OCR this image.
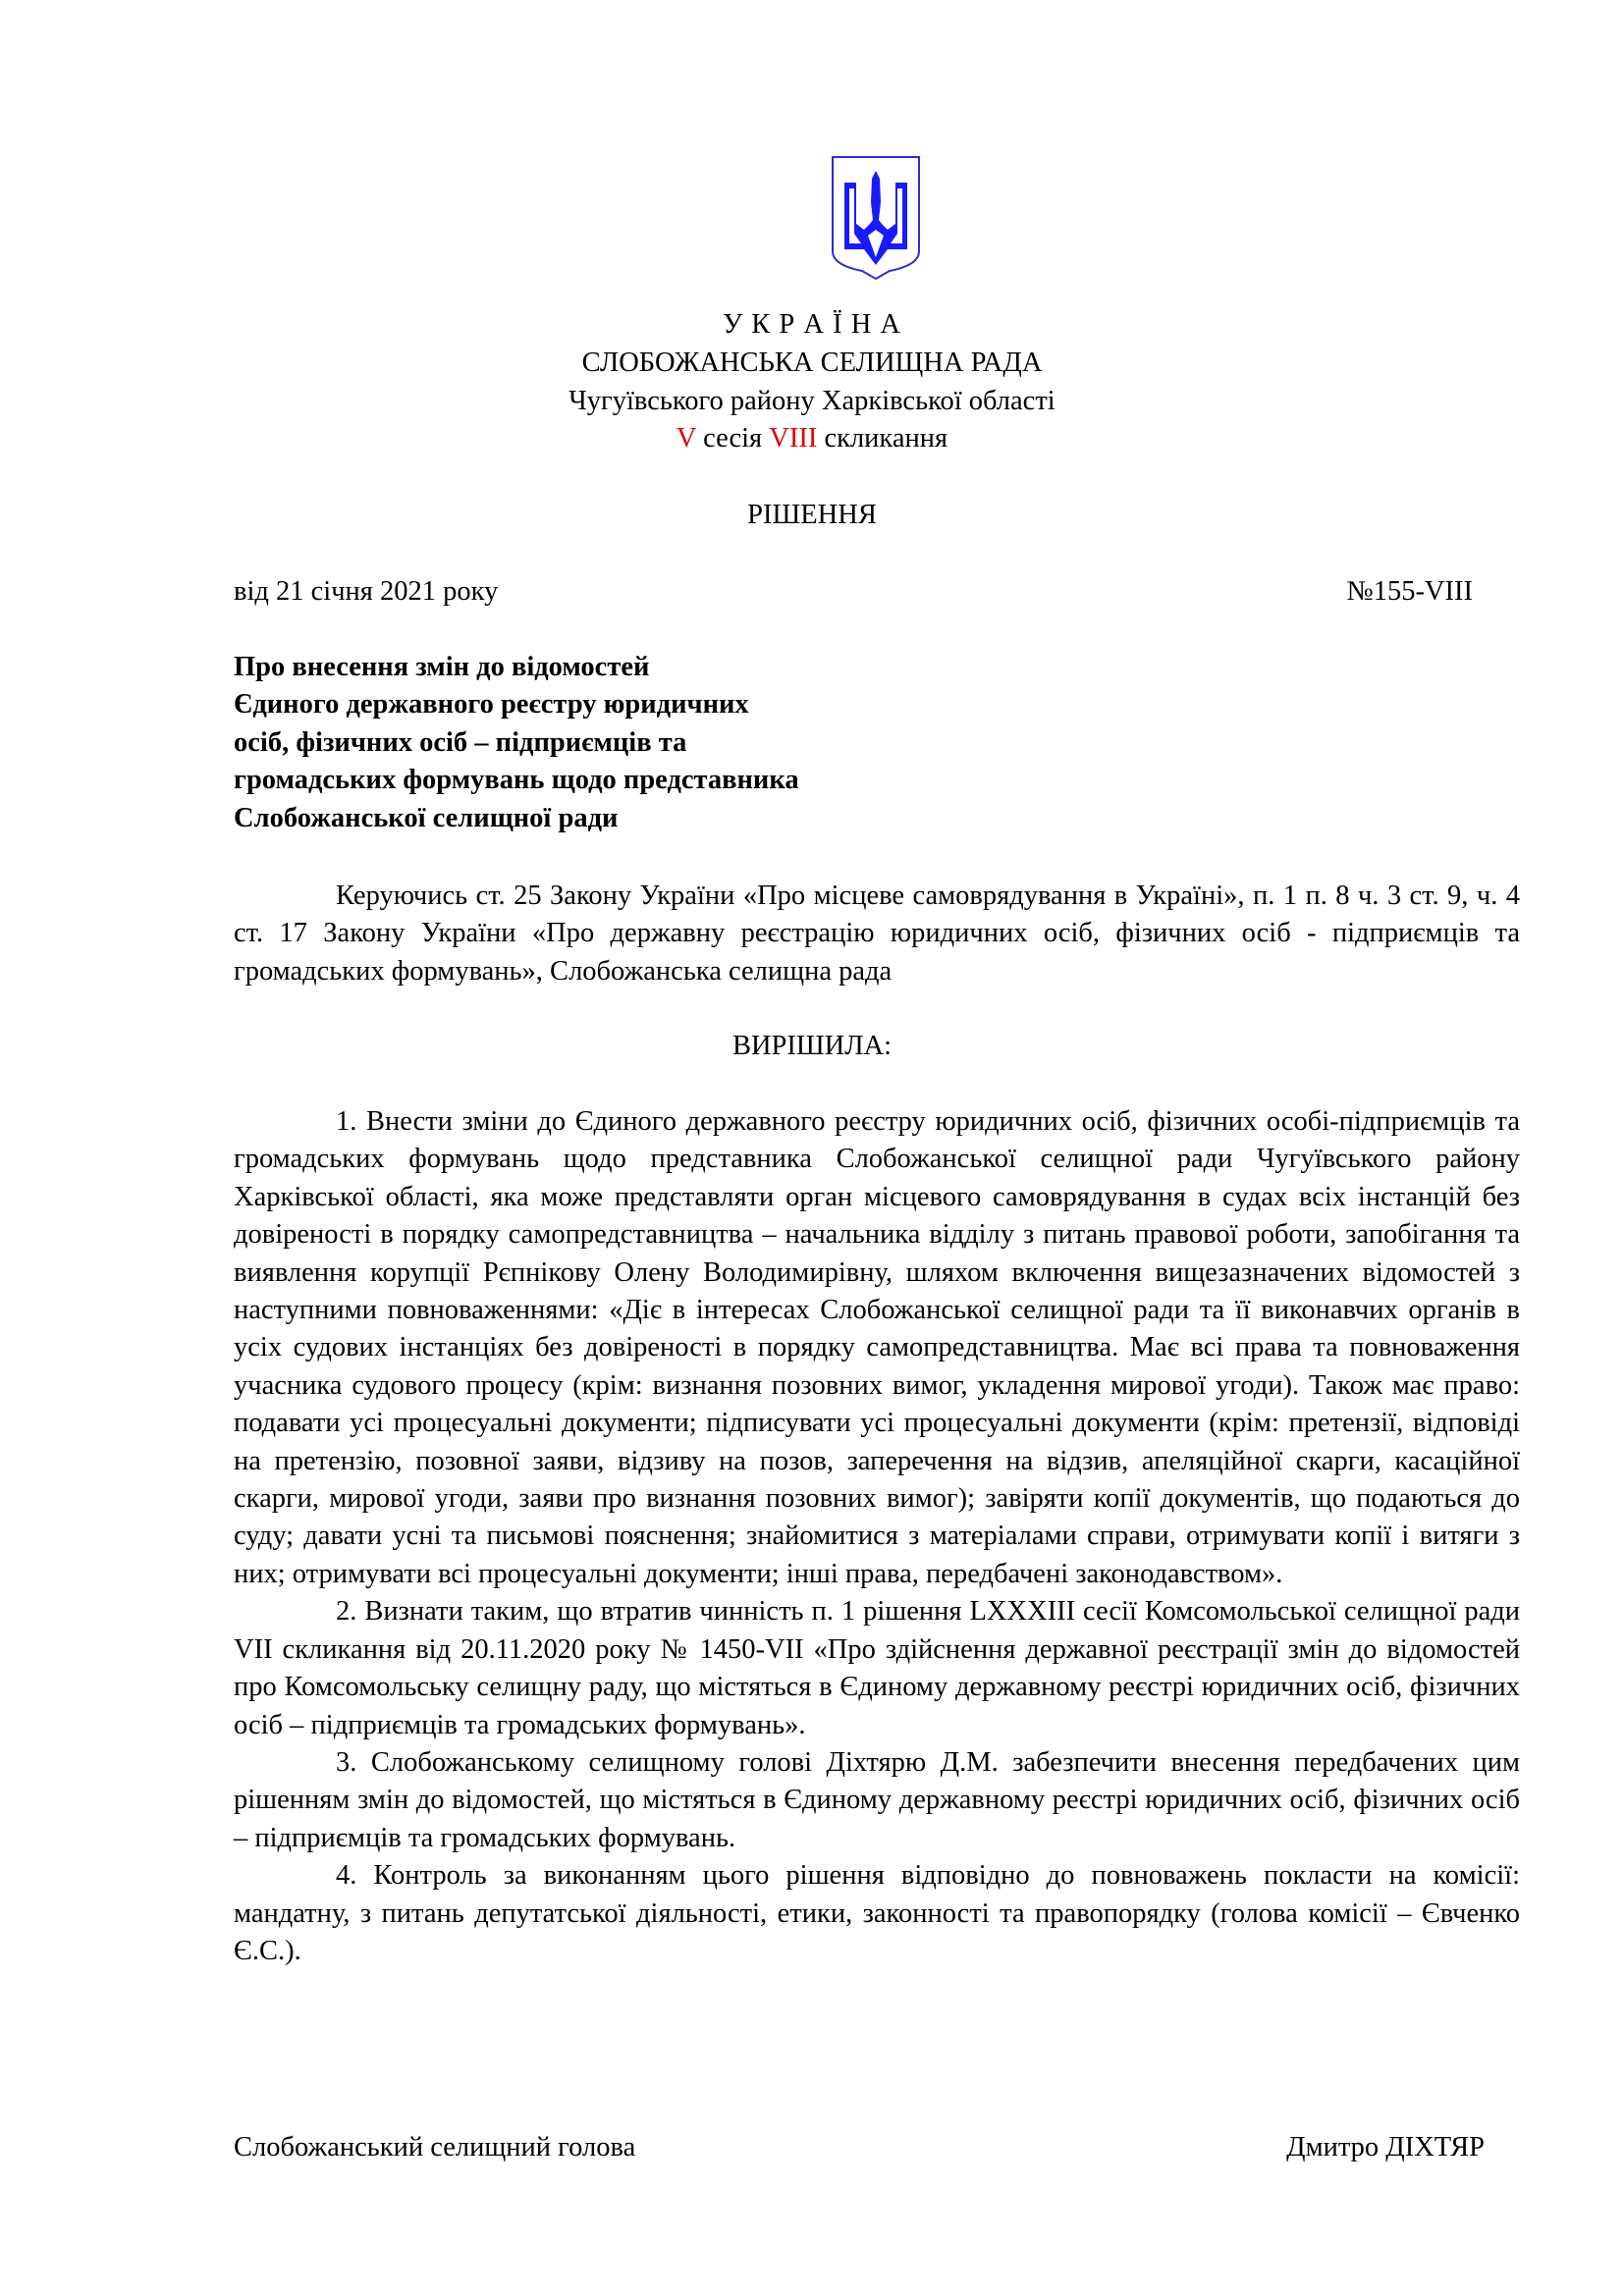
У К Р А Ї Н А
СЛОБОЖАНСЬКА СЕЛИЩНА РАДА
Чугуївського району Харківської області
V сесія VIII скликання
РІШЕННЯ
від 21 січня 2021 року	№155-VIII
Про внесення змін до відомостей
Єдиного державного реєстру юридичних
осіб, фізичних осіб – підприємців та
громадських формувань щодо представника
Слобожанської селищної ради

Керуючись ст. 25 Закону України «Про місцеве самоврядування в Україні», п. 1 п. 8 ч. 3 ст. 9, ч. 4 ст. 17 Закону України «Про державну реєстрацію юридичних осіб, фізичних осіб - підприємців та громадських формувань», Слобожанська селищна рада

ВИРІШИЛА:

1. Внести зміни до Єдиного державного реєстру юридичних осіб, фізичних особі-підприємців та громадських формувань щодо представника Слобожанської селищної ради Чугуївського району Харківської області, яка може представляти орган місцевого самоврядування в судах всіх інстанцій без довіреності в порядку самопредставництва – начальника відділу з питань правової роботи, запобігання та виявлення корупції Рєпнікову Олену Володимирівну, шляхом включення вищезазначених відомостей з наступними повноваженнями: «Діє в інтересах Слобожанської селищної ради та її виконавчих органів в усіх судових інстанціях без довіреності в порядку самопредставництва. Має всі права та повноваження учасника судового процесу (крім: визнання позовних вимог, укладення мирової угоди). Також має право: подавати усі процесуальні документи; підписувати усі процесуальні документи (крім: претензії, відповіді на претензію, позовної заяви, відзиву на позов, заперечення на відзив, апеляційної скарги, касаційної скарги, мирової угоди, заяви про визнання позовних вимог); завіряти копії документів, що подаються до суду; давати усні та письмові пояснення; знайомитися з матеріалами справи, отримувати копії і витяги з них; отримувати всі процесуальні документи; інші права, передбачені законодавством».

2. Визнати таким, що втратив чинність п. 1 рішення LXXXIII сесії Комсомольської селищної ради VII скликання від 20.11.2020 року № 1450-VII «Про здійснення державної реєстрації змін до відомостей про Комсомольську селищну раду, що містяться в Єдиному державному реєстрі юридичних осіб, фізичних осіб – підприємців та громадських формувань».

3. Слобожанському селищному голові Діхтярю Д.М. забезпечити внесення передбачених цим рішенням змін до відомостей, що містяться в Єдиному державному реєстрі юридичних осіб, фізичних осіб – підприємців та громадських формувань.

4. Контроль за виконанням цього рішення відповідно до повноважень покласти на комісії: мандатну, з питань депутатської діяльності, етики, законності та правопорядку (голова комісії – Євченко Є.С.).

Слобожанський селищний голова	Дмитро ДІХТЯР
